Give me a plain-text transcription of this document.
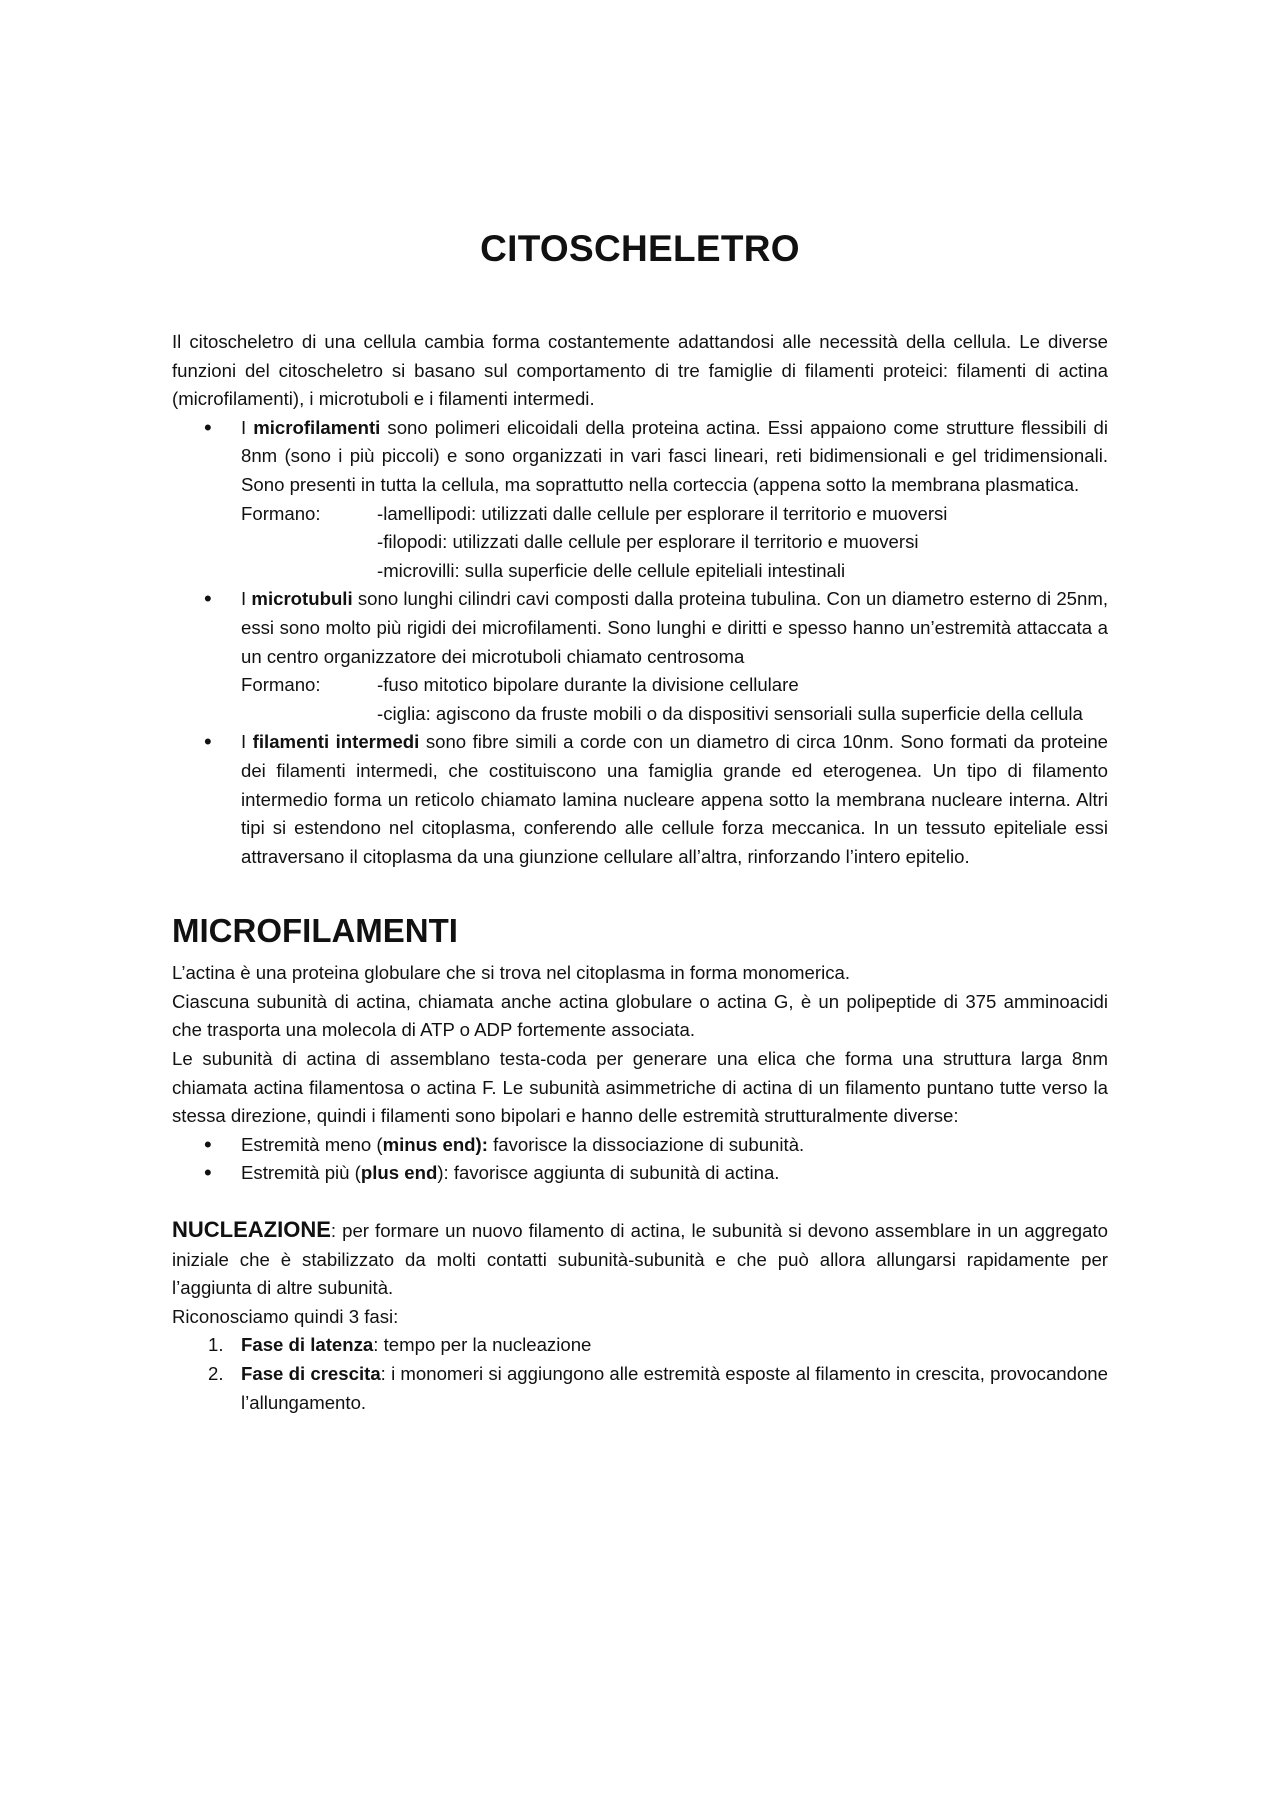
CITOSCHELETRO

Il citoscheletro di una cellula cambia forma costantemente adattandosi alle necessità della cellula. Le diverse funzioni del citoscheletro si basano sul comportamento di tre famiglie di filamenti proteici: filamenti di actina (microfilamenti), i microtuboli e i filamenti intermedi.

• I microfilamenti sono polimeri elicoidali della proteina actina. Essi appaiono come strutture flessibili di 8nm (sono i più piccoli) e sono organizzati in vari fasci lineari, reti bidimensionali e gel tridimensionali. Sono presenti in tutta la cellula, ma soprattutto nella corteccia (appena sotto la membrana plasmatica.
Formano:	-lamellipodi: utilizzati dalle cellule per esplorare il territorio e muoversi
-filopodi: utilizzati dalle cellule per esplorare il territorio e muoversi
-microvilli: sulla superficie delle cellule epiteliali intestinali
• I microtubuli sono lunghi cilindri cavi composti dalla proteina tubulina. Con un diametro esterno di 25nm, essi sono molto più rigidi dei microfilamenti. Sono lunghi e diritti e spesso hanno un’estremità attaccata a un centro organizzatore dei microtuboli chiamato centrosoma
Formano:	-fuso mitotico bipolare durante la divisione cellulare
-ciglia: agiscono da fruste mobili o da dispositivi sensoriali sulla superficie della cellula
• I filamenti intermedi sono fibre simili a corde con un diametro di circa 10nm. Sono formati da proteine dei filamenti intermedi, che costituiscono una famiglia grande ed eterogenea. Un tipo di filamento intermedio forma un reticolo chiamato lamina nucleare appena sotto la membrana nucleare interna. Altri tipi si estendono nel citoplasma, conferendo alle cellule forza meccanica. In un tessuto epiteliale essi attraversano il citoplasma da una giunzione cellulare all’altra, rinforzando l’intero epitelio.
MICROFILAMENTI

L’actina è una proteina globulare che si trova nel citoplasma in forma monomerica.

Ciascuna subunità di actina, chiamata anche actina globulare o actina G, è un polipeptide di 375 amminoacidi che trasporta una molecola di ATP o ADP fortemente associata.

Le subunità di actina di assemblano testa-coda per generare una elica che forma una struttura larga 8nm chiamata actina filamentosa o actina F. Le subunità asimmetriche di actina di un filamento puntano tutte verso la stessa direzione, quindi i filamenti sono bipolari e hanno delle estremità strutturalmente diverse:

• Estremità meno (minus end): favorisce la dissociazione di subunità.
• Estremità più (plus end): favorisce aggiunta di subunità di actina.

NUCLEAZIONE: per formare un nuovo filamento di actina, le subunità si devono assemblare in un aggregato iniziale che è stabilizzato da molti contatti subunità-subunità e che può allora allungarsi rapidamente per l’aggiunta di altre subunità.

Riconosciamo quindi 3 fasi:

1. Fase di latenza: tempo per la nucleazione
2. Fase di crescita: i monomeri si aggiungono alle estremità esposte al filamento in crescita, provocandone l’allungamento.
